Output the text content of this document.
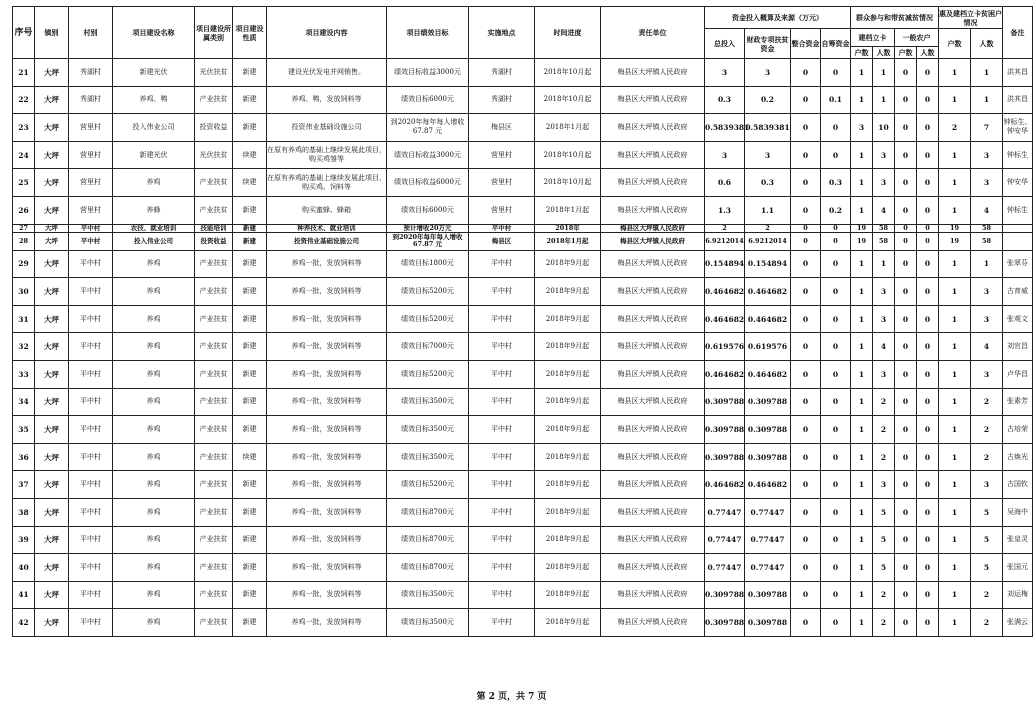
序号	镇别	村别	项目建设名称	项目建设所属类别	项目建设性质	项目建设内容	项目绩效目标	实施地点	时间进度	责任单位	资金投入概算及来源（万元）				群众参与和带贫减贫情况				惠及建档立卡贫困户情况		备注
											总投入	财政专项扶贫资金	整合资金	自筹资金	建档立卡		一般农户		户数	人数	
															户数	人数	户数	人数			
21	大坪	秀湖村	新建光伏	光伏扶贫	新建	建设光伏发电并网销售。	绩效目标收益3000元	秀湖村	2018年10月起	梅县区大坪镇人民政府	3	3	0	0	1	1	0	0	1	1	洪其昌
22	大坪	秀湖村	养鸡、鸭	产业扶贫	新建	养鸡、鸭，发放饲料等	绩效目标6000元	秀湖村	2018年10月起	梅县区大坪镇人民政府	0.3	0.2	0	0.1	1	1	0	0	1	1	洪其昌
23	大坪	营里村	投入伟业公司	投资收益	新建	投资伟业基础设施公司	到2020年每年每人增收 67.87 元	梅县区	2018年1月起	梅县区大坪镇人民政府	0.5839381	0.5839381	0	0	3	10	0	0	2	7	钟标生、钟安华
24	大坪	营里村	新建光伏	光伏扶贫	续建	在原有养鸡的基础上继续发展此项目，购买鸡雏等	绩效目标收益3000元	营里村	2018年10月起	梅县区大坪镇人民政府	3	3	0	0	1	3	0	0	1	3	钟标生
25	大坪	营里村	养鸡	产业扶贫	续建	在原有养鸡的基础上继续发展此项目，购买鸡、饲料等	绩效目标收益6000元	营里村	2018年10月起	梅县区大坪镇人民政府	0.6	0.3	0	0.3	1	3	0	0	1	3	钟安华
26	大坪	营里村	养蜂	产业扶贫	新建	购买蜜蜂、蜂箱	绩效目标6000元	营里村	2018年1月起	梅县区大坪镇人民政府	1.3	1.1	0	0.2	1	4	0	0	1	4	钟标生
27	大坪	平中村	农技、就业培训	技能培训	新建	种养技术、就业培训	预计增收20万元	平中村	2018年	梅县区大坪镇人民政府	2	2	0	0	19	58	0	0	19	58	
28	大坪	平中村	投入伟业公司	投资收益	新建	投资伟业基础设施公司	到2020年每年每人增收 67.87 元	梅县区	2018年1月起	梅县区大坪镇人民政府	6.9212014	6.9212014	0	0	19	58	0	0	19	58	
29	大坪	平中村	养鸡	产业扶贫	新建	养鸡一批，发放饲料等	绩效目标1800元	平中村	2018年9月起	梅县区大坪镇人民政府	0.154894	0.154894	0	0	1	1	0	0	1	1	张翠芬
30	大坪	平中村	养鸡	产业扶贫	新建	养鸡一批，发放饲料等	绩效目标5200元	平中村	2018年9月起	梅县区大坪镇人民政府	0.464682	0.464682	0	0	1	3	0	0	1	3	古育威
31	大坪	平中村	养鸡	产业扶贫	新建	养鸡一批，发放饲料等	绩效目标5200元	平中村	2018年9月起	梅县区大坪镇人民政府	0.464682	0.464682	0	0	1	3	0	0	1	3	张观文
32	大坪	平中村	养鸡	产业扶贫	新建	养鸡一批，发放饲料等	绩效目标7000元	平中村	2018年9月起	梅县区大坪镇人民政府	0.619576	0.619576	0	0	1	4	0	0	1	4	刘官昌
33	大坪	平中村	养鸡	产业扶贫	新建	养鸡一批，发放饲料等	绩效目标5200元	平中村	2018年9月起	梅县区大坪镇人民政府	0.464682	0.464682	0	0	1	3	0	0	1	3	卢华昌
34	大坪	平中村	养鸡	产业扶贫	新建	养鸡一批，发放饲料等	绩效目标3500元	平中村	2018年9月起	梅县区大坪镇人民政府	0.309788	0.309788	0	0	1	2	0	0	1	2	张素芳
35	大坪	平中村	养鸡	产业扶贫	新建	养鸡一批，发放饲料等	绩效目标3500元	平中村	2018年9月起	梅县区大坪镇人民政府	0.309788	0.309788	0	0	1	2	0	0	1	2	古培荣
36	大坪	平中村	养鸡	产业扶贫	续建	养鸡一批，发放饲料等	绩效目标3500元	平中村	2018年9月起	梅县区大坪镇人民政府	0.309788	0.309788	0	0	1	2	0	0	1	2	古焕光
37	大坪	平中村	养鸡	产业扶贫	新建	养鸡一批，发放饲料等	绩效目标5200元	平中村	2018年9月起	梅县区大坪镇人民政府	0.464682	0.464682	0	0	1	3	0	0	1	3	古国钦
38	大坪	平中村	养鸡	产业扶贫	新建	养鸡一批，发放饲料等	绩效目标8700元	平中村	2018年9月起	梅县区大坪镇人民政府	0.77447	0.77447	0	0	1	5	0	0	1	5	吴海中
39	大坪	平中村	养鸡	产业扶贫	新建	养鸡一批，发放饲料等	绩效目标8700元	平中村	2018年9月起	梅县区大坪镇人民政府	0.77447	0.77447	0	0	1	5	0	0	1	5	张皇灵
40	大坪	平中村	养鸡	产业扶贫	新建	养鸡一批，发放饲料等	绩效目标8700元	平中村	2018年9月起	梅县区大坪镇人民政府	0.77447	0.77447	0	0	1	5	0	0	1	5	张国元
41	大坪	平中村	养鸡	产业扶贫	新建	养鸡一批，发放饲料等	绩效目标3500元	平中村	2018年9月起	梅县区大坪镇人民政府	0.309788	0.309788	0	0	1	2	0	0	1	2	刘运梅
42	大坪	平中村	养鸡	产业扶贫	新建	养鸡一批，发放饲料等	绩效目标3500元	平中村	2018年9月起	梅县区大坪镇人民政府	0.309788	0.309788	0	0	1	2	0	0	1	2	张满云
第 2 页，共 7 页
